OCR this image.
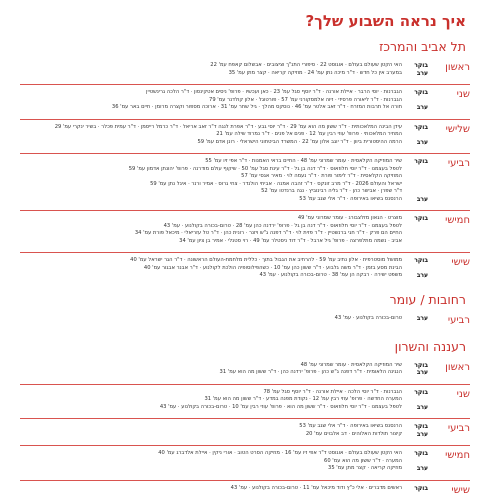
איך נראה השבוע שלך?
תל אביב והמרכז
ראשון
בוקר
האי הקטן שעולם בעולם · אוגוסט 22 · סיפורי התנ"ך וציצובים · אבשלום קאפח עמ' 22
ערב
במערב אין כל חדש · ד"ר מיכה נתן עמ' 24 · מוזיקה קריאה · קצר מתן עמ' 35
שני
בוקר
הגברנות · יוסי הרבר · איילת אורנה · ד"ר יוסף סגל עמ' 23 · כאן ועכשיו · פרופ' ניסים אטקינסון · ד"ר הלכה גרינשטיין
הגברנות · ד"ר ליאורה פרסיזי · זיוה אלמסקורני עמ' 57 · פורטוגל · אלון קולדנר עמ' 79
ערב
חורה אל תרבות המזרח · ד"ר זאב אלטר עמ' 46 · נוסקס מהלך · גיל שחר עמ' 31 · ארוכה מספור וקצרה מרומן · חיים באר עמ' 36
שלישי
בוקר
עידן הבינה המלאכותית · ד"ר ששון מה הוא עמ' 29 · ד"ר יוסי גבע · ד"ר אפרת לנגה ד"ר זאב אריאל · ד"ר כרמל רייסמן · ד"ר עמית פכלר · בשיר ינקרי עמ' 29
המחיר המלאכותי · פרופ' עוזי רבין עמ' 12 · פנים אל פנים · ד"ר נמרוד שילה עמ' 21
ערב
הרמה ההיסטורית ביוון · ד"ר יוגב אלון עמ' 22 · המשרד הביטחוני הישראלי · רונן אדם עמ' 59
רביעי
בוקר
שיר המוזיקה הקלאסית · עומר שמרוני עמ' 48 · החיים בראי האמנות · ד"ר אפי זיו עמ' 55
לטפל בעצמנו · ד"ר יוסי חלוזאוס · ד"ר דנה בן גל · ד"ר עינת סגל עמ' 50 · שיקוף עולם מודרנה · פרופ' יהונתן אדמון עמ' 59
המוזיקה הקלאסית · ד"ר לימור פורת · ד"ר נעמה לוי · מאיר אגסי עמ' 57
ישראל והעולם 2026 · ד"ר מרב זונקס · ד"ר זהבה אמנה · אביחי הולנדר · צחי גרוס · אמיר ורנר · איגל נתן עמ' 59
ד"ר שפרן · אבישר כהן · ד"ר גליה רבינוביץ · נגה ברנדטו עמ' 52
ערב
הרנסנס בשיאו באירופה · ד"ר אלי שגב עמ' 53
חמישי
בוקר
מוצרט · הגאון מזלצבורג · עומר שמרוני עמ' 49
לטפל בעצמנו · ד"ר יוסי חלוזאוס · ד"ר דנה בן גל · פרופ' ירדנה כהן עמ' 28 · טרום-בכורה בקולנוע · עמ' 43
החיים הם פרק · ד"ר חגי ברנשטיין · ד"ר פזית לוי · ד"ר דפנה ג"ש ויזנר · רונית כהן · ד"ר טל עזריאלי · מיכאל פורת עמ' 34
אביב · נשמה מתלפרצה · פרופ' גיל ארבל · ד"ר דוד ניסטלר עמ' 49 · רוי סטנלי · אמיר בן ציון עמ' 34
שישי
בוקר
ממושל מוסטרפית · אלון נתיב עמ' 59 · להרחיב את הגבול בתוך · כללית מלחמת-העולם הראשונה · ד"ר הגר ישראל עמ' 40
הבינת מסע בזמן · ד"ר משה גלבוע · ד"ר ששון כהן עמ' 10 · כשהפילוסופיה הולכת לקולנוע · ד"ר אבנר אבגור עמ' 40
ערב
משפט ישירה · רבקה הן עמ' 38 · טרום-בכורה בקולנוע · עמ' 43
רחובות / עומר
רביעי
ערב
טרום-בכורה בקולנוע · עמ' 43
רעננה והשרון
ראשון
בוקר
שיר המוזיקה הקלאסית · עומר שמרוני עמ' 48
ערב
הנגינה הלאומית · ד"ר דפנה ג"ש כהן · פרופ' ירדנה כהן · ד"ר ששון מה הוא עמ' 31
שני
בוקר
הגברנות · ד"ר יוסי הלכה · איילת אורנה · ד"ר יוסף סגל עמ' 78
המערה החדשה · פרופ' עוזי רבין עמ' 12 · נקודת מפנה במדע · ד"ר ששון מה הוא עמ' 31
ערב
לטפל בעצמנו · ד"ר יוסי חלוזאוס · ד"ר ששון מה הוא · פרופ' עוזי רבין עמ' 10 · טרום-בכורה בקולנוע · עמ' 43
רביעי
בוקר
הרנסנס בשיאו באירופה · ד"ר אלי שגב עמ' 53
ערב
קיצור תולדות האלוהים · דב אלבוים עמ' 20
חמישי
בוקר
האי הקטן שעולם בעולם · אוגוסט ד"ר אפי זיו עמ' 16 · מוזיקה הסרט הטוב · אורי ניקין · איילת אלדברג עמ' 40
המערה · ד"ר ששון מה הוא עמ' 60
ערב
מוזיקה קריאה · קצר מתן עמ' 35
שישי
בוקר
ראשים מדברים · אלי כ"ץ ודוד מיכאל עמ' 11 · טרום-בכורה בקולנוע · עמ' 43
